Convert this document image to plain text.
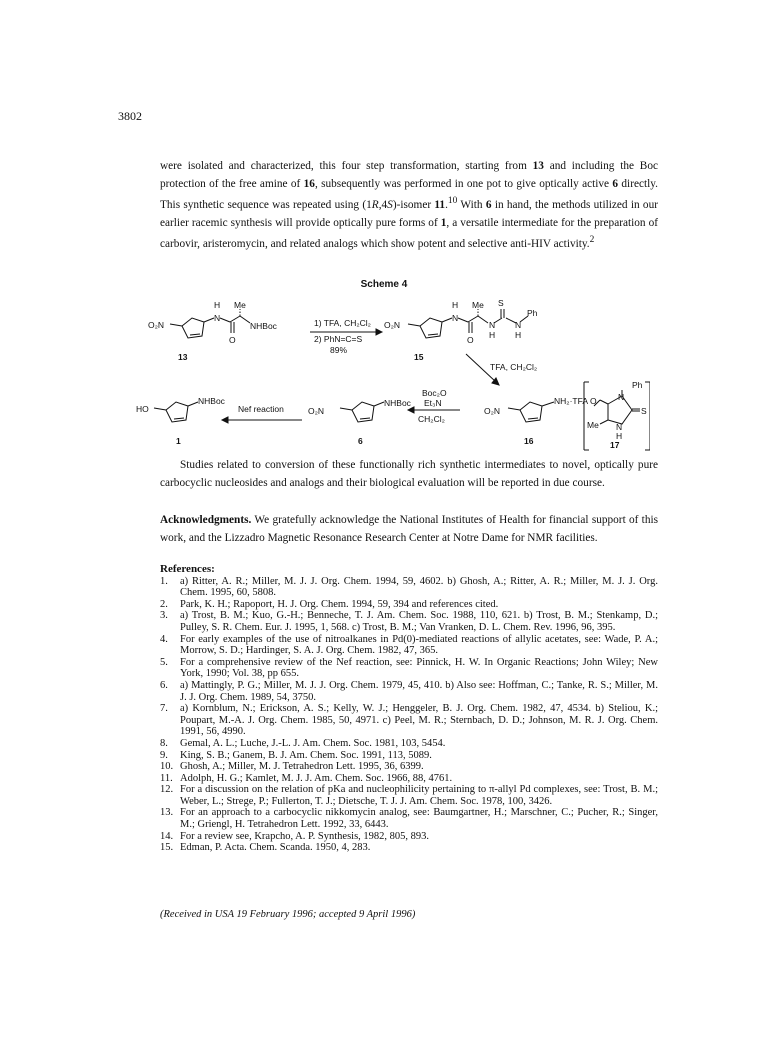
3802
were isolated and characterized, this four step transformation, starting from 13 and including the Boc protection of the free amine of 16, subsequently was performed in one pot to give optically active 6 directly. This synthetic sequence was repeated using (1R,4S)-isomer 11.10 With 6 in hand, the methods utilized in our earlier racemic synthesis will provide optically pure forms of 1, a versatile intermediate for the preparation of carbovir, aristeromycin, and related analogs which show potent and selective anti-HIV activity.$^2$
Scheme 4
O₂N
H Me
N
NHBoc
O
13
1) TFA, CH₂Cl₂
2) PhN=C=S
89%
O₂N
H Me S
N
N
H
N
H
Ph
O
15
TFA, CH₂Cl₂
O₂N
NH₂·TFA
16
Ph
N
O
S
Me N
H
17
Boc₂O
Et₃N
CH₂Cl₂
O₂N
NHBoc
6
Nef reaction
HO
NHBoc
1
Studies related to conversion of these functionally rich synthetic intermediates to novel, optically pure carbocyclic nucleosides and analogs and their biological evaluation will be reported in due course.
Acknowledgments. We gratefully acknowledge the National Institutes of Health for financial support of this work, and the Lizzadro Magnetic Resonance Research Center at Notre Dame for NMR facilities.
References:
1.	a) Ritter, A. R.; Miller, M. J. J. Org. Chem. 1994, 59, 4602. b) Ghosh, A.; Ritter, A. R.; Miller, M. J. J. Org. Chem. 1995, 60, 5808.
2.	Park, K. H.; Rapoport, H. J. Org. Chem. 1994, 59, 394 and references cited.
3.	a) Trost, B. M.; Kuo, G.-H.; Benneche, T. J. Am. Chem. Soc. 1988, 110, 621. b) Trost, B. M.; Stenkamp, D.; Pulley, S. R. Chem. Eur. J. 1995, 1, 568. c) Trost, B. M.; Van Vranken, D. L. Chem. Rev. 1996, 96, 395.
4.	For early examples of the use of nitroalkanes in Pd(0)-mediated reactions of allylic acetates, see: Wade, P. A.; Morrow, S. D.; Hardinger, S. A. J. Org. Chem. 1982, 47, 365.
5.	For a comprehensive review of the Nef reaction, see: Pinnick, H. W. In Organic Reactions; John Wiley; New York, 1990; Vol. 38, pp 655.
6.	a) Mattingly, P. G.; Miller, M. J. J. Org. Chem. 1979, 45, 410. b) Also see: Hoffman, C.; Tanke, R. S.; Miller, M. J. J. Org. Chem. 1989, 54, 3750.
7.	a) Kornblum, N.; Erickson, A. S.; Kelly, W. J.; Henggeler, B. J. Org. Chem. 1982, 47, 4534. b) Steliou, K.; Poupart, M.-A. J. Org. Chem. 1985, 50, 4971. c) Peel, M. R.; Sternbach, D. D.; Johnson, M. R. J. Org. Chem. 1991, 56, 4990.
8.	Gemal, A. L.; Luche, J.-L. J. Am. Chem. Soc. 1981, 103, 5454.
9.	King, S. B.; Ganem, B. J. Am. Chem. Soc. 1991, 113, 5089.
10. Ghosh, A.; Miller, M. J. Tetrahedron Lett. 1995, 36, 6399.
11. Adolph, H. G.; Kamlet, M. J. J. Am. Chem. Soc. 1966, 88, 4761.
12. For a discussion on the relation of pKa and nucleophilicity pertaining to π-allyl Pd complexes, see: Trost, B. M.; Weber, L.; Strege, P.; Fullerton, T. J.; Dietsche, T. J. J. Am. Chem. Soc. 1978, 100, 3426.
13. For an approach to a carbocyclic nikkomycin analog, see: Baumgartner, H.; Marschner, C.; Pucher, R.; Singer, M.; Griengl, H. Tetrahedron Lett. 1992, 33, 6443.
14. For a review see, Krapcho, A. P. Synthesis, 1982, 805, 893.
15. Edman, P. Acta. Chem. Scanda. 1950, 4, 283.
(Received in USA 19 February 1996; accepted 9 April 1996)
